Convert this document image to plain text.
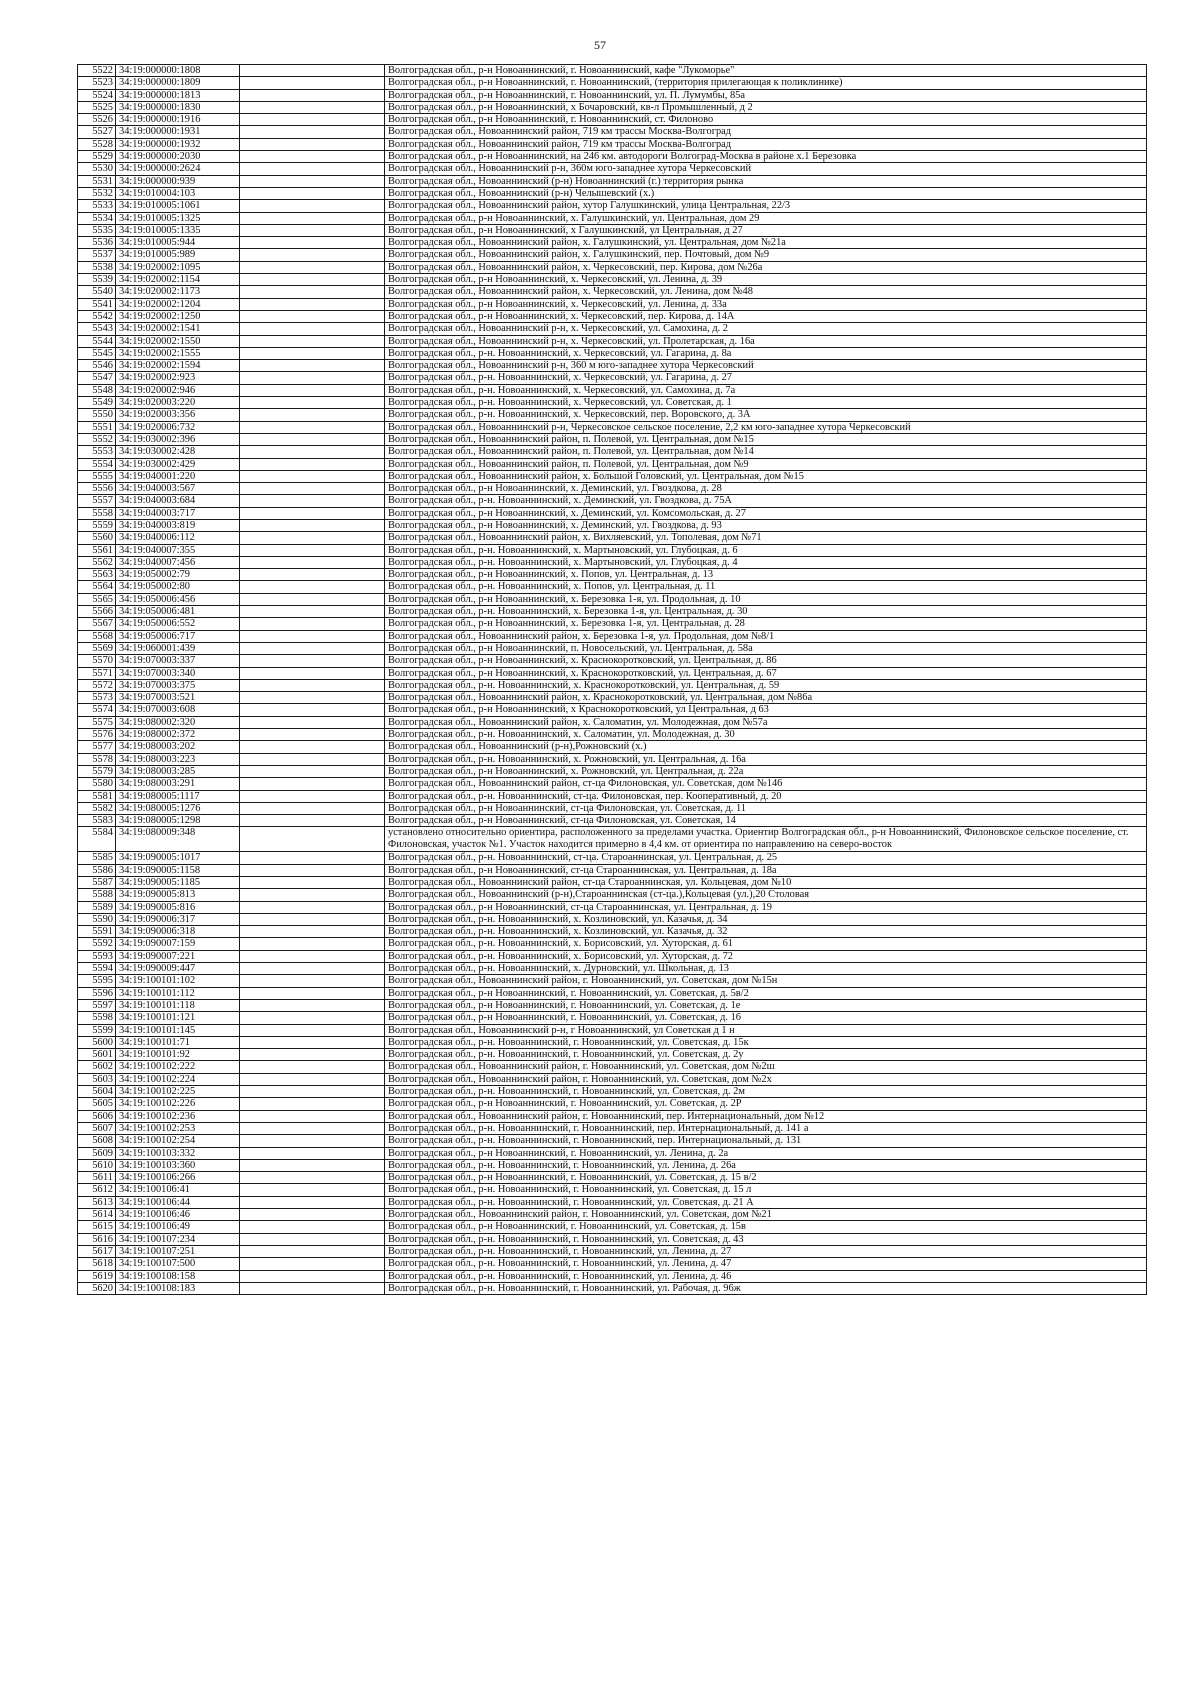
57
5522	34:19:000000:1808		Волгоградская обл., р-н Новоаннинский, г. Новоаннинский, кафе "Лукоморье"
5523	34:19:000000:1809		Волгоградская обл., р-н Новоаннинский, г. Новоаннинский, (территория прилегающая к поликлинике)
5524	34:19:000000:1813		Волгоградская обл., р-н Новоаннинский, г. Новоаннинский, ул. П. Лумумбы, 85а
5525	34:19:000000:1830		Волгоградская обл., р-н Новоаннинский, х Бочаровский, кв-л Промышленный, д 2
5526	34:19:000000:1916		Волгоградская обл., р-н Новоаннинский, г. Новоаннинский, ст. Филоново
5527	34:19:000000:1931		Волгоградская обл., Новоаннинский район, 719 км трассы Москва-Волгоград
5528	34:19:000000:1932		Волгоградская обл., Новоаннинский район, 719 км трассы Москва-Волгоград
5529	34:19:000000:2030		Волгоградская обл., р-н Новоаннинский, на 246 км. автодороги Волгоград-Москва в районе х.1 Березовка
5530	34:19:000000:2624		Волгоградская обл., Новоаннинский р-н, 360м юго-западнее хутора Черкесовский
5531	34:19:000000:939		Волгоградская обл., Новоаннинский (р-н) Новоаннинский (г.) территория рынка
5532	34:19:010004:103		Волгоградская обл., Новоаннинский (р-н) Челышевский (х.)
5533	34:19:010005:1061		Волгоградская обл., Новоаннинский район, хутор Галушкинский, улица Центральная, 22/3
5534	34:19:010005:1325		Волгоградская обл., р-н Новоаннинский, х. Галушкинский, ул. Центральная, дом 29
5535	34:19:010005:1335		Волгоградская обл., р-н Новоаннинский, х Галушкинский, ул Центральная, д 27
5536	34:19:010005:944		Волгоградская обл., Новоаннинский район, х. Галушкинский, ул. Центральная, дом №21а
5537	34:19:010005:989		Волгоградская обл., Новоаннинский район, х. Галушкинский, пер. Почтовый, дом №9
5538	34:19:020002:1095		Волгоградская обл., Новоаннинский район, х. Черкесовский, пер. Кирова, дом №26а
5539	34:19:020002:1154		Волгоградская обл., р-н Новоаннинский, х. Черкесовский, ул. Ленина, д. 39
5540	34:19:020002:1173		Волгоградская обл., Новоаннинский район, х. Черкесовский, ул. Ленина, дом №48
5541	34:19:020002:1204		Волгоградская обл., р-н Новоаннинский, х. Черкесовский, ул. Ленина, д. 33а
5542	34:19:020002:1250		Волгоградская обл., р-н Новоаннинский, х. Черкесовский, пер. Кирова, д. 14А
5543	34:19:020002:1541		Волгоградская обл., Новоаннинский р-н, х. Черкесовский, ул. Самохина, д. 2
5544	34:19:020002:1550		Волгоградская обл., Новоаннинский р-н, х. Черкесовский, ул. Пролетарская, д. 16а
5545	34:19:020002:1555		Волгоградская обл., р-н. Новоаннинский, х. Черкесовский, ул. Гагарина, д. 8а
5546	34:19:020002:1594		Волгоградская обл., Новоаннинский р-н, 360 м юго-западнее хутора Черкесовский
5547	34:19:020002:923		Волгоградская обл., р-н. Новоаннинский, х. Черкесовский, ул. Гагарина, д. 27
5548	34:19:020002:946		Волгоградская обл., р-н. Новоаннинский, х. Черкесовский, ул. Самохина, д. 7а
5549	34:19:020003:220		Волгоградская обл., р-н. Новоаннинский, х. Черкесовский, ул. Советская, д. 1
5550	34:19:020003:356		Волгоградская обл., р-н. Новоаннинский, х. Черкесовский, пер. Воровского, д. 3А
5551	34:19:020006:732		Волгоградская обл., Новоаннинский р-н, Черкесовское сельское поселение, 2,2 км юго-западнее хутора Черкесовский
5552	34:19:030002:396		Волгоградская обл., Новоаннинский район, п. Полевой, ул. Центральная, дом №15
5553	34:19:030002:428		Волгоградская обл., Новоаннинский район, п. Полевой, ул. Центральная, дом №14
5554	34:19:030002:429		Волгоградская обл., Новоаннинский район, п. Полевой, ул. Центральная, дом №9
5555	34:19:040001:220		Волгоградская обл., Новоаннинский район, х. Большой Головский, ул. Центральная, дом №15
5556	34:19:040003:567		Волгоградская обл., р-н Новоаннинский, х. Деминский, ул. Гвоздкова, д. 28
5557	34:19:040003:684		Волгоградская обл., р-н. Новоаннинский, х. Деминский, ул. Гвоздкова, д. 75А
5558	34:19:040003:717		Волгоградская обл., р-н Новоаннинский, х. Деминский, ул. Комсомольская, д. 27
5559	34:19:040003:819		Волгоградская обл., р-н Новоаннинский, х. Деминский, ул. Гвоздкова, д. 93
5560	34:19:040006:112		Волгоградская обл., Новоаннинский район, х. Вихляевский, ул. Тополевая, дом №71
5561	34:19:040007:355		Волгоградская обл., р-н. Новоаннинский, х. Мартыновский, ул. Глубоцкая, д. 6
5562	34:19:040007:456		Волгоградская обл., р-н. Новоаннинский, х. Мартыновский, ул. Глубоцкая, д. 4
5563	34:19:050002:79		Волгоградская обл., р-н Новоаннинский, х. Попов, ул. Центральная, д. 13
5564	34:19:050002:80		Волгоградская обл., р-н. Новоаннинский, х. Попов, ул. Центральная, д. 11
5565	34:19:050006:456		Волгоградская обл., р-н Новоаннинский, х. Березовка 1-я, ул. Продольная, д. 10
5566	34:19:050006:481		Волгоградская обл., р-н. Новоаннинский, х. Березовка 1-я, ул. Центральная, д. 30
5567	34:19:050006:552		Волгоградская обл., р-н Новоаннинский, х. Березовка 1-я, ул. Центральная, д. 28
5568	34:19:050006:717		Волгоградская обл., Новоаннинский район, х. Березовка 1-я, ул. Продольная, дом №8/1
5569	34:19:060001:439		Волгоградская обл., р-н Новоаннинский, п. Новосельский, ул. Центральная, д. 58а
5570	34:19:070003:337		Волгоградская обл., р-н Новоаннинский, х. Краснокоротковский, ул. Центральная, д. 86
5571	34:19:070003:340		Волгоградская обл., р-н Новоаннинский, х. Краснокоротковский, ул. Центральная, д. 67
5572	34:19:070003:375		Волгоградская обл., р-н. Новоаннинский, х. Краснокоротковский, ул. Центральная, д. 59
5573	34:19:070003:521		Волгоградская обл., Новоаннинский район, х. Краснокоротковский, ул. Центральная, дом №86а
5574	34:19:070003:608		Волгоградская обл., р-н Новоаннинский, х Краснокоротковский, ул Центральная, д 63
5575	34:19:080002:320		Волгоградская обл., Новоаннинский район, х. Саломатин, ул. Молодежная, дом №57а
5576	34:19:080002:372		Волгоградская обл., р-н. Новоаннинский, х. Саломатин, ул. Молодежная, д. 30
5577	34:19:080003:202		Волгоградская обл., Новоаннинский (р-н),Рожновский (х.)
5578	34:19:080003:223		Волгоградская обл., р-н. Новоаннинский, х. Рожновский, ул. Центральная, д. 16а
5579	34:19:080003:285		Волгоградская обл., р-н Новоаннинский, х. Рожновский, ул. Центральная, д. 22а
5580	34:19:080003:291		Волгоградская обл., Новоаннинский район, ст-ца Филоновская, ул. Советская, дом №146
5581	34:19:080005:1117		Волгоградская обл., р-н. Новоаннинский, ст-ца. Филоновская, пер. Кооперативный, д. 20
5582	34:19:080005:1276		Волгоградская обл., р-н Новоаннинский, ст-ца Филоновская, ул. Советская, д. 11
5583	34:19:080005:1298		Волгоградская обл., р-н Новоаннинский, ст-ца Филоновская, ул. Советская, 14
5584	34:19:080009:348		установлено относительно ориентира, расположенного за пределами участка. Ориентир Волгоградская обл., р-н Новоаннинский, Филоновское сельское поселение, ст. Филоновская, участок №1. Участок находится примерно в 4,4 км. от ориентира по направлению на северо-восток
5585	34:19:090005:1017		Волгоградская обл., р-н. Новоаннинский, ст-ца. Староаннинская, ул. Центральная, д. 25
5586	34:19:090005:1158		Волгоградская обл., р-н Новоаннинский, ст-ца Староаннинская, ул. Центральная, д. 18а
5587	34:19:090005:1185		Волгоградская обл., Новоаннинский район, ст-ца Староаннинская, ул. Кольцевая, дом №10
5588	34:19:090005:813		Волгоградская обл., Новоаннинский (р-н),Староаннинская (ст-ца.),Кольцевая (ул.),20 Столовая
5589	34:19:090005:816		Волгоградская обл., р-н Новоаннинский, ст-ца Староаннинская, ул. Центральная, д. 19
5590	34:19:090006:317		Волгоградская обл., р-н. Новоаннинский, х. Козлиновский, ул. Казачья, д. 34
5591	34:19:090006:318		Волгоградская обл., р-н. Новоаннинский, х. Козлиновский, ул. Казачья, д. 32
5592	34:19:090007:159		Волгоградская обл., р-н. Новоаннинский, х. Борисовский, ул. Хуторская, д. 61
5593	34:19:090007:221		Волгоградская обл., р-н. Новоаннинский, х. Борисовский, ул. Хуторская, д. 72
5594	34:19:090009:447		Волгоградская обл., р-н. Новоаннинский, х. Дурновский, ул. Школьная, д. 13
5595	34:19:100101:102		Волгоградская обл., Новоаннинский район, г. Новоаннинский, ул. Советская, дом №15н
5596	34:19:100101:112		Волгоградская обл., р-н Новоаннинский, г. Новоаннинский, ул. Советская, д. 5в/2
5597	34:19:100101:118		Волгоградская обл., р-н Новоаннинский, г. Новоаннинский, ул. Советская, д. 1е
5598	34:19:100101:121		Волгоградская обл., р-н Новоаннинский, г. Новоаннинский, ул. Советская, д. 16
5599	34:19:100101:145		Волгоградская обл., Новоаннинский р-н, г Новоаннинский, ул Советская д 1 н
5600	34:19:100101:71		Волгоградская обл., р-н. Новоаннинский, г. Новоаннинский, ул. Советская, д. 15к
5601	34:19:100101:92		Волгоградская обл., р-н. Новоаннинский, г. Новоаннинский, ул. Советская, д. 2у
5602	34:19:100102:222		Волгоградская обл., Новоаннинский район, г. Новоаннинский, ул. Советская, дом №2ш
5603	34:19:100102:224		Волгоградская обл., Новоаннинский район, г. Новоаннинский, ул. Советская, дом №2х
5604	34:19:100102:225		Волгоградская обл., р-н. Новоаннинский, г. Новоаннинский, ул. Советская, д. 2м
5605	34:19:100102:226		Волгоградская обл., р-н Новоаннинский, г. Новоаннинский, ул. Советская, д. 2Р
5606	34:19:100102:236		Волгоградская обл., Новоаннинский район, г. Новоаннинский, пер. Интернациональный, дом №12
5607	34:19:100102:253		Волгоградская обл., р-н. Новоаннинский, г. Новоаннинский, пер. Интернациональный, д. 141 а
5608	34:19:100102:254		Волгоградская обл., р-н. Новоаннинский, г. Новоаннинский, пер. Интернациональный, д. 131
5609	34:19:100103:332		Волгоградская обл., р-н Новоаннинский, г. Новоаннинский, ул. Ленина, д. 2а
5610	34:19:100103:360		Волгоградская обл., р-н. Новоаннинский, г. Новоаннинский, ул. Ленина, д. 26а
5611	34:19:100106:266		Волгоградская обл., р-н Новоаннинский, г. Новоаннинский, ул. Советская, д. 15 в/2
5612	34:19:100106:41		Волгоградская обл., р-н. Новоаннинский, г. Новоаннинский, ул. Советская, д. 15 л
5613	34:19:100106:44		Волгоградская обл., р-н. Новоаннинский, г. Новоаннинский, ул. Советская, д. 21 А
5614	34:19:100106:46		Волгоградская обл., Новоаннинский район, г. Новоаннинский, ул. Советская, дом №21
5615	34:19:100106:49		Волгоградская обл., р-н Новоаннинский, г. Новоаннинский, ул. Советская, д. 15в
5616	34:19:100107:234		Волгоградская обл., р-н. Новоаннинский, г. Новоаннинский, ул. Советская, д. 43
5617	34:19:100107:251		Волгоградская обл., р-н. Новоаннинский, г. Новоаннинский, ул. Ленина, д. 27
5618	34:19:100107:500		Волгоградская обл., р-н. Новоаннинский, г. Новоаннинский, ул. Ленина, д. 47
5619	34:19:100108:158		Волгоградская обл., р-н. Новоаннинский, г. Новоаннинский, ул. Ленина, д. 46
5620	34:19:100108:183		Волгоградская обл., р-н. Новоаннинский, г. Новоаннинский, ул. Рабочая, д. 96ж
